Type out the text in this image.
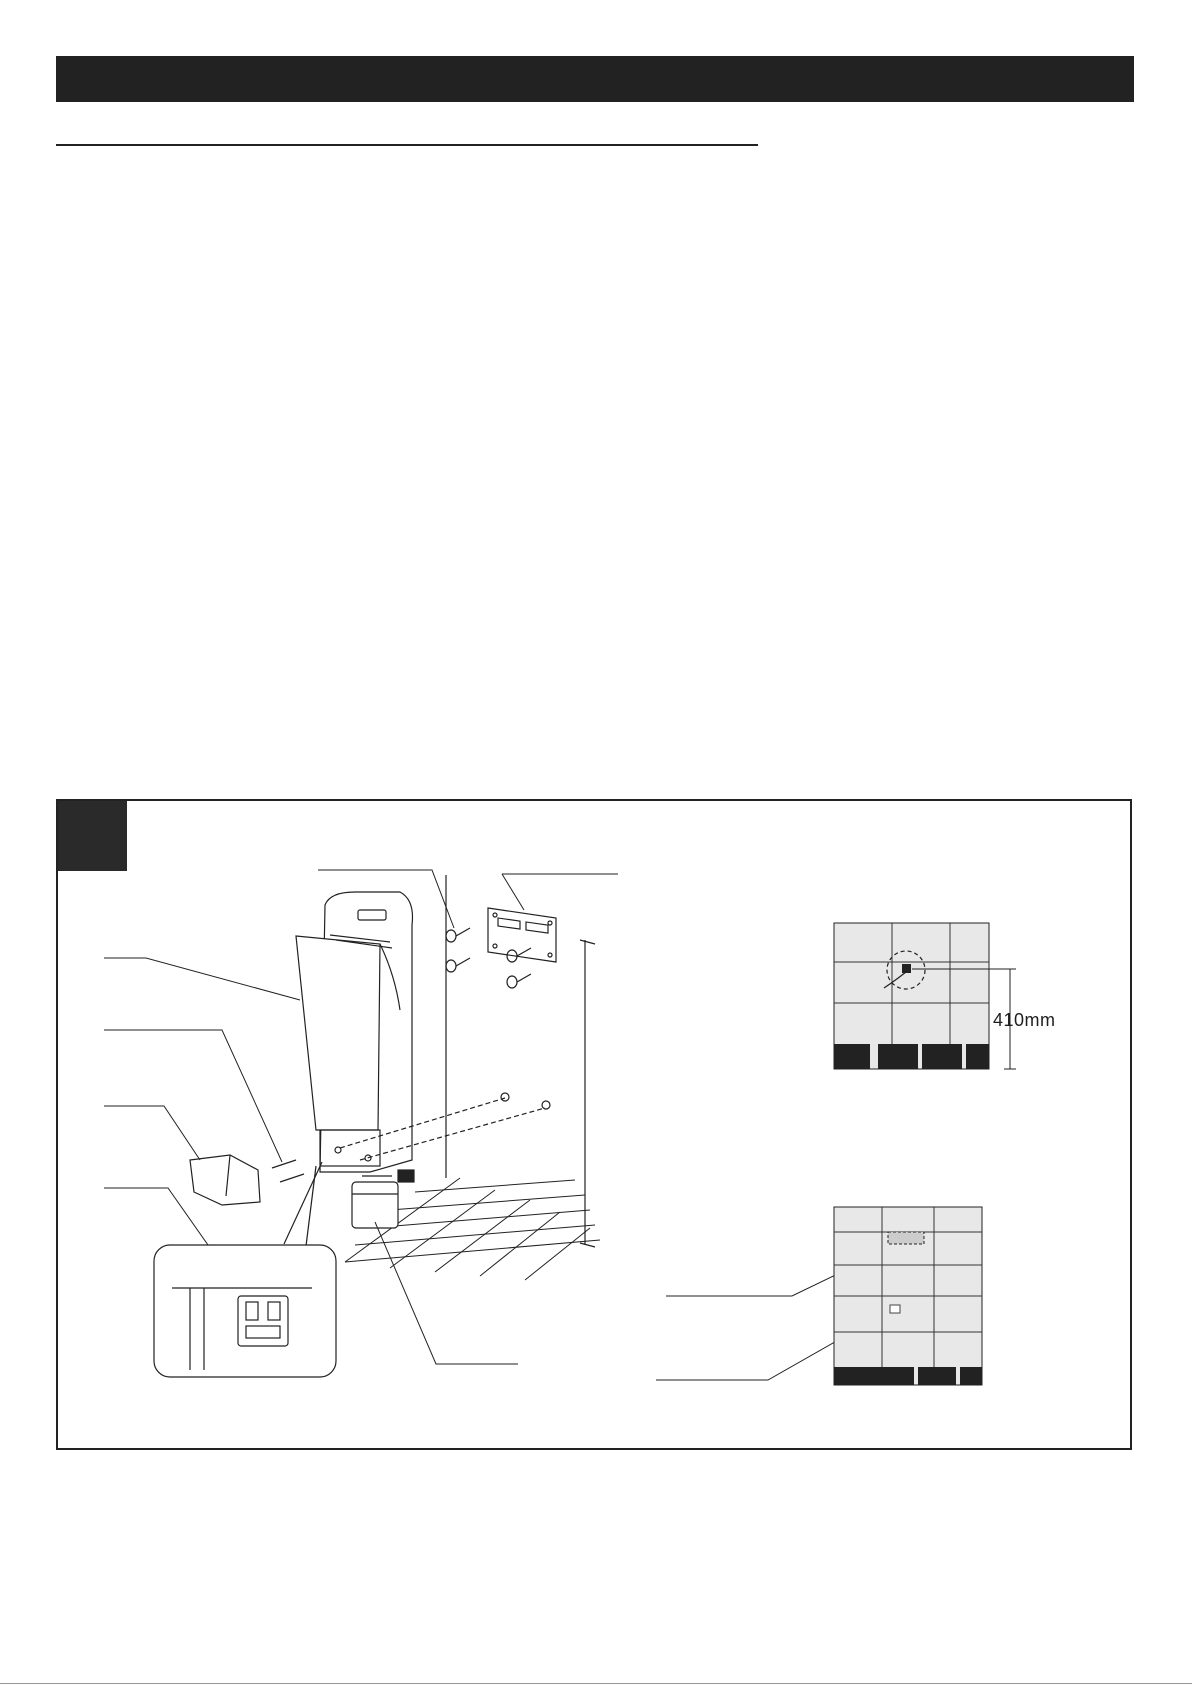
410mm
